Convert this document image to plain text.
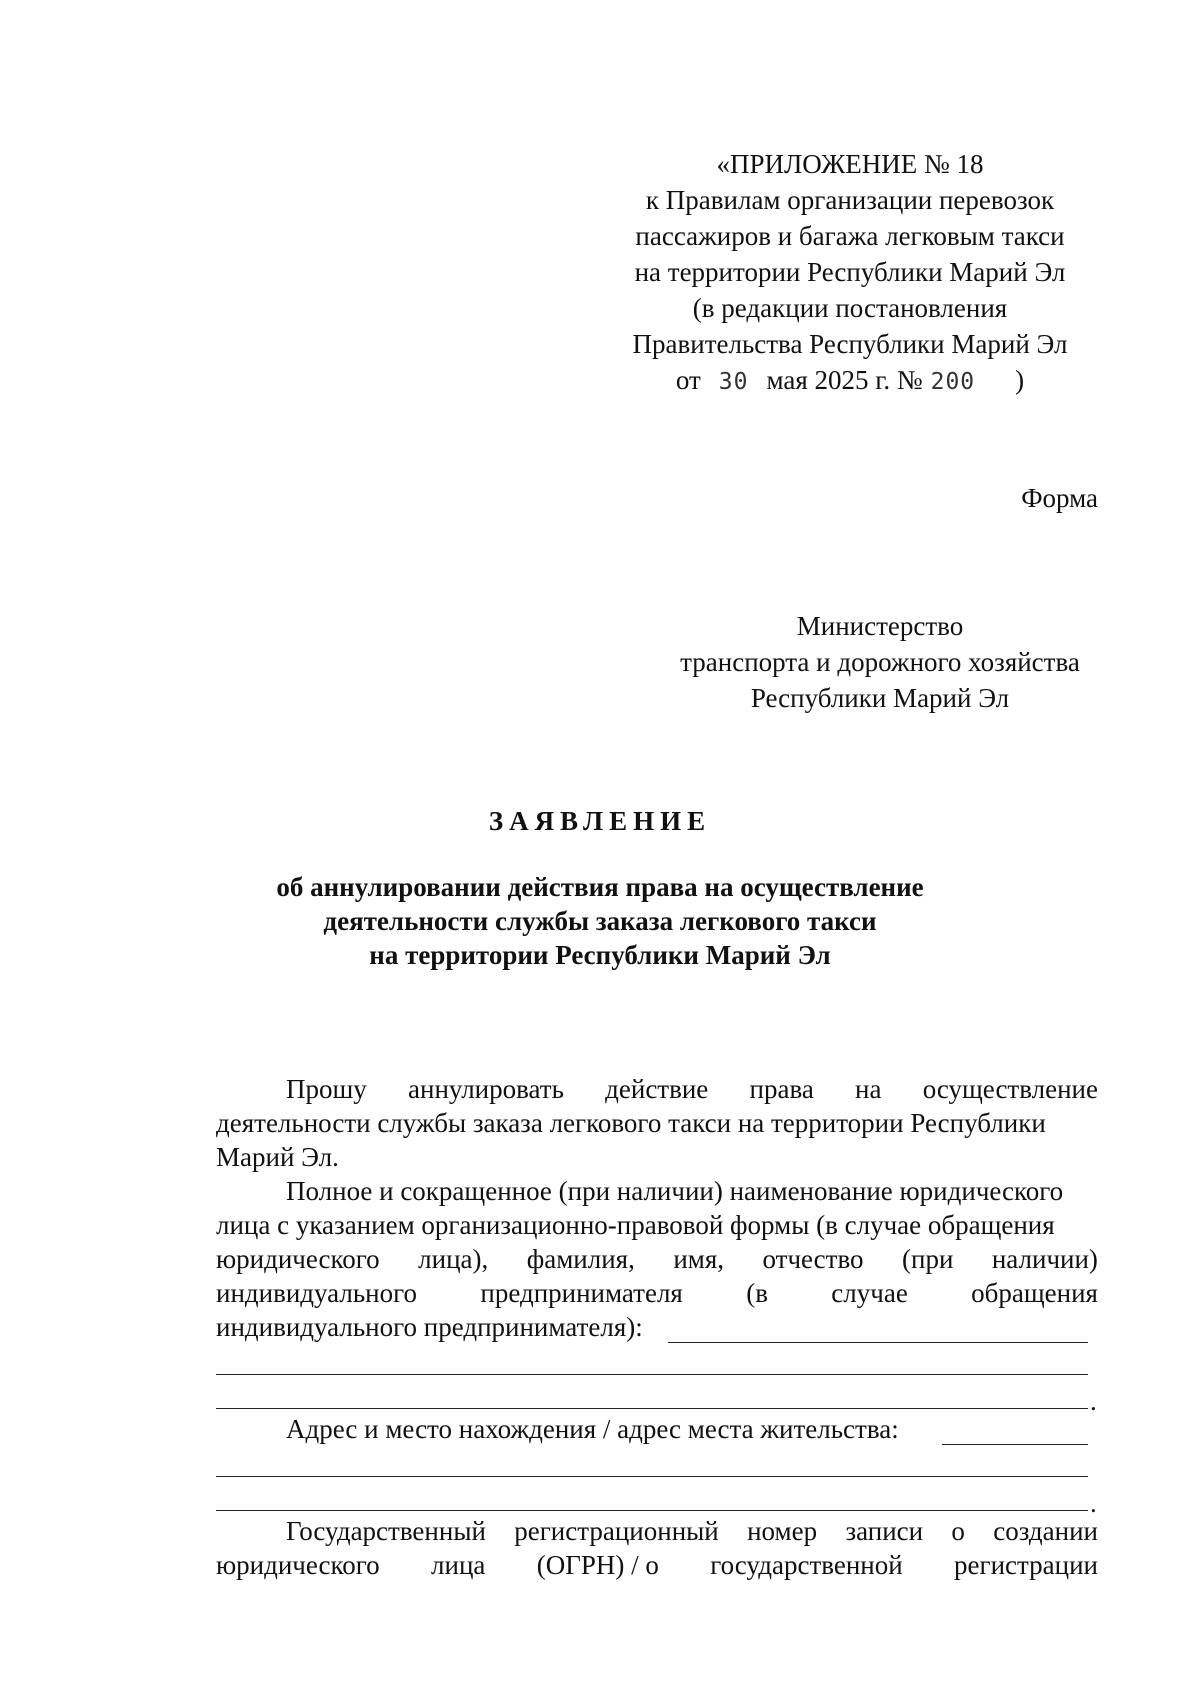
«ПРИЛОЖЕНИЕ № 18
к Правилам организации перевозок
пассажиров и багажа легковым такси
на территории Республики Марий Эл
(в редакции постановления
Правительства Республики Марий Эл
от 30 мая 2025 г. № 200 )
Форма
Министерство
транспорта и дорожного хозяйства
Республики Марий Эл
ЗАЯВЛЕНИЕ
об аннулировании действия права на осуществление
деятельности службы заказа легкового такси
на территории Республики Марий Эл
Прошу аннулировать действие права на осуществление
деятельности службы заказа легкового такси на территории Республики
Марий Эл.
Полное и сокращенное (при наличии) наименование юридического
лица с указанием организационно-правовой формы (в случае обращения
юридического лица), фамилия, имя, отчество (при наличии)
индивидуального предпринимателя (в случае обращения
индивидуального предпринимателя):
.
Адрес и место нахождения / адрес места жительства:
.
Государственный регистрационный номер записи о создании
юридического лица (ОГРН) / о государственной регистрации
